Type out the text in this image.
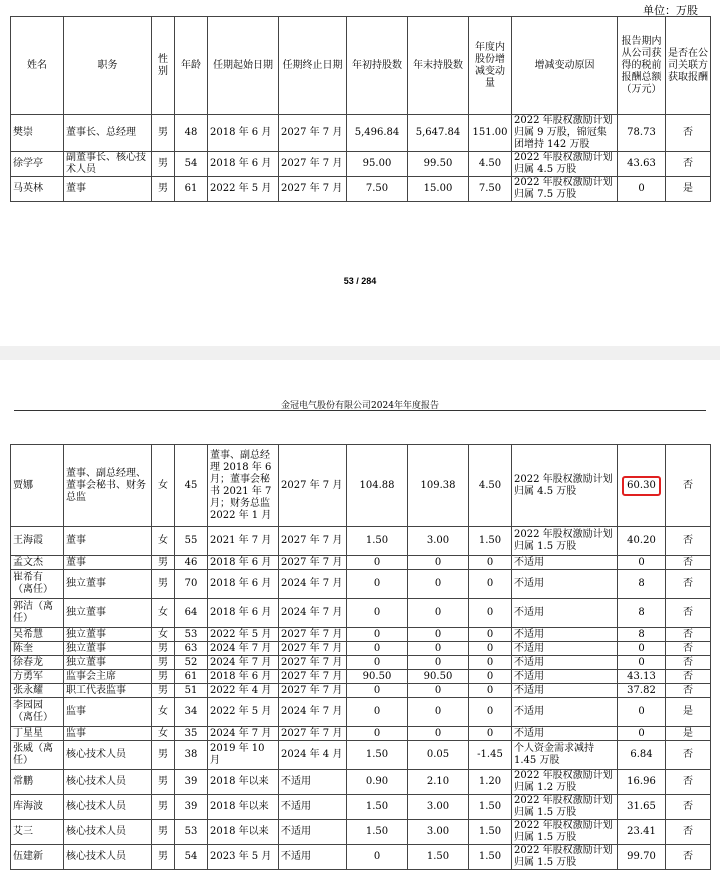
单位：万股
姓名	职务	性别	年龄	任期起始日期	任期终止日期	年初持股数	年末持股数	年度内股份增减变动量	增减变动原因	报告期内从公司获得的税前报酬总额（万元）	是否在公司关联方获取报酬
樊崇	董事长、总经理	男	48	2018 年 6 月	2027 年 7 月	5,496.84	5,647.84	151.00	2022 年股权激励计划归属 9 万股，锦冠集团增持 142 万股	78.73	否
徐学亭	副董事长、核心技术人员	男	54	2018 年 6 月	2027 年 7 月	95.00	99.50	4.50	2022 年股权激励计划归属 4.5 万股	43.63	否
马英林	董事	男	61	2022 年 5 月	2027 年 7 月	7.50	15.00	7.50	2022 年股权激励计划归属 7.5 万股	0	是
53 / 284
金冠电气股份有限公司2024年年度报告
贾娜	董事、副总经理、董事会秘书、财务总监	女	45	董事、副总经理 2018 年 6 月；董事会秘书 2021 年 7 月；财务总监 2022 年 1 月	2027 年 7 月	104.88	109.38	4.50	2022 年股权激励计划归属 4.5 万股	60.30	否
王海霞	董事	女	55	2021 年 7 月	2027 年 7 月	1.50	3.00	1.50	2022 年股权激励计划归属 1.5 万股	40.20	否
孟文杰	董事	男	46	2018 年 6 月	2027 年 7 月	0	0	0	不适用	0	否
崔希有（离任）	独立董事	男	70	2018 年 6 月	2024 年 7 月	0	0	0	不适用	8	否
郭洁（离任）	独立董事	女	64	2018 年 6 月	2024 年 7 月	0	0	0	不适用	8	否
吴希慧	独立董事	女	53	2022 年 5 月	2027 年 7 月	0	0	0	不适用	8	否
陈奎	独立董事	男	63	2024 年 7 月	2027 年 7 月	0	0	0	不适用	0	否
徐春龙	独立董事	男	52	2024 年 7 月	2027 年 7 月	0	0	0	不适用	0	否
方勇军	监事会主席	男	61	2018 年 6 月	2027 年 7 月	90.50	90.50	0	不适用	43.13	否
张永耀	职工代表监事	男	51	2022 年 4 月	2027 年 7 月	0	0	0	不适用	37.82	否
李园园（离任）	监事	女	34	2022 年 5 月	2024 年 7 月	0	0	0	不适用	0	是
丁星星	监事	女	35	2024 年 7 月	2027 年 7 月	0	0	0	不适用	0	是
张威（离任）	核心技术人员	男	38	2019 年 10 月	2024 年 4 月	1.50	0.05	-1.45	个人资金需求减持 1.45 万股	6.84	否
常鹏	核心技术人员	男	39	2018 年以来	不适用	0.90	2.10	1.20	2022 年股权激励计划归属 1.2 万股	16.96	否
库海波	核心技术人员	男	39	2018 年以来	不适用	1.50	3.00	1.50	2022 年股权激励计划归属 1.5 万股	31.65	否
艾三	核心技术人员	男	53	2018 年以来	不适用	1.50	3.00	1.50	2022 年股权激励计划归属 1.5 万股	23.41	否
伍建新	核心技术人员	男	54	2023 年 5 月	不适用	0	1.50	1.50	2022 年股权激励计划归属 1.5 万股	99.70	否
